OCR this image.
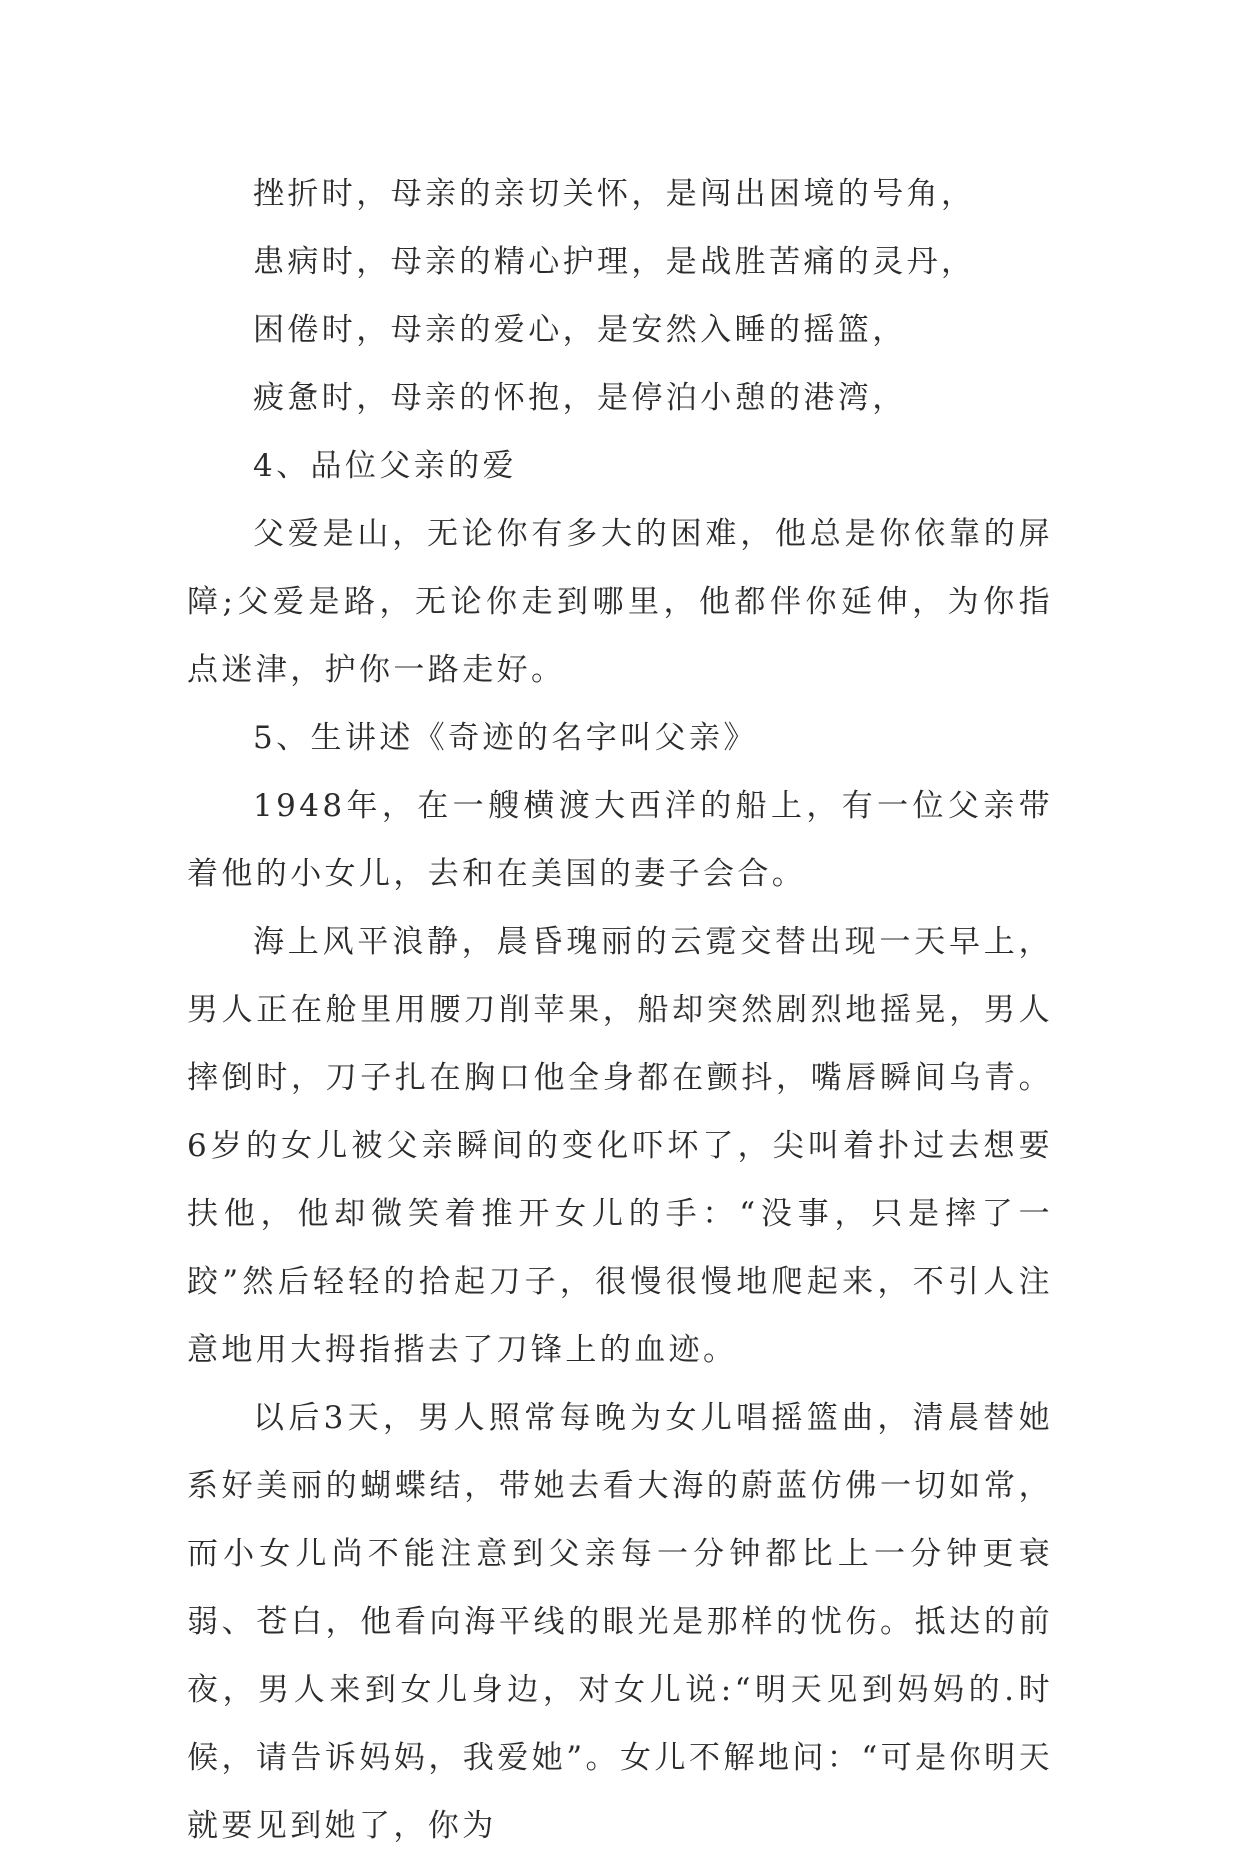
挫折时，母亲的亲切关怀，是闯出困境的号角，

患病时，母亲的精心护理，是战胜苦痛的灵丹，

困倦时，母亲的爱心，是安然入睡的摇篮，

疲惫时，母亲的怀抱，是停泊小憩的港湾，

4、品位父亲的爱

父爱是山，无论你有多大的困难，他总是你依靠的屏障;父爱是路，无论你走到哪里，他都伴你延伸，为你指点迷津，护你一路走好。

5、生讲述《奇迹的名字叫父亲》

1948年，在一艘横渡大西洋的船上，有一位父亲带着他的小女儿，去和在美国的妻子会合。

海上风平浪静，晨昏瑰丽的云霓交替出现一天早上，男人正在舱里用腰刀削苹果，船却突然剧烈地摇晃，男人摔倒时，刀子扎在胸口他全身都在颤抖，嘴唇瞬间乌青。6岁的女儿被父亲瞬间的变化吓坏了，尖叫着扑过去想要扶他，他却微笑着推开女儿的手：“没事，只是摔了一跤”然后轻轻的拾起刀子，很慢很慢地爬起来，不引人注意地用大拇指揩去了刀锋上的血迹。

以后3天，男人照常每晚为女儿唱摇篮曲，清晨替她系好美丽的蝴蝶结，带她去看大海的蔚蓝仿佛一切如常，而小女儿尚不能注意到父亲每一分钟都比上一分钟更衰弱、苍白，他看向海平线的眼光是那样的忧伤。抵达的前夜，男人来到女儿身边，对女儿说:“明天见到妈妈的.时候，请告诉妈妈，我爱她”。女儿不解地问：“可是你明天就要见到她了，你为
